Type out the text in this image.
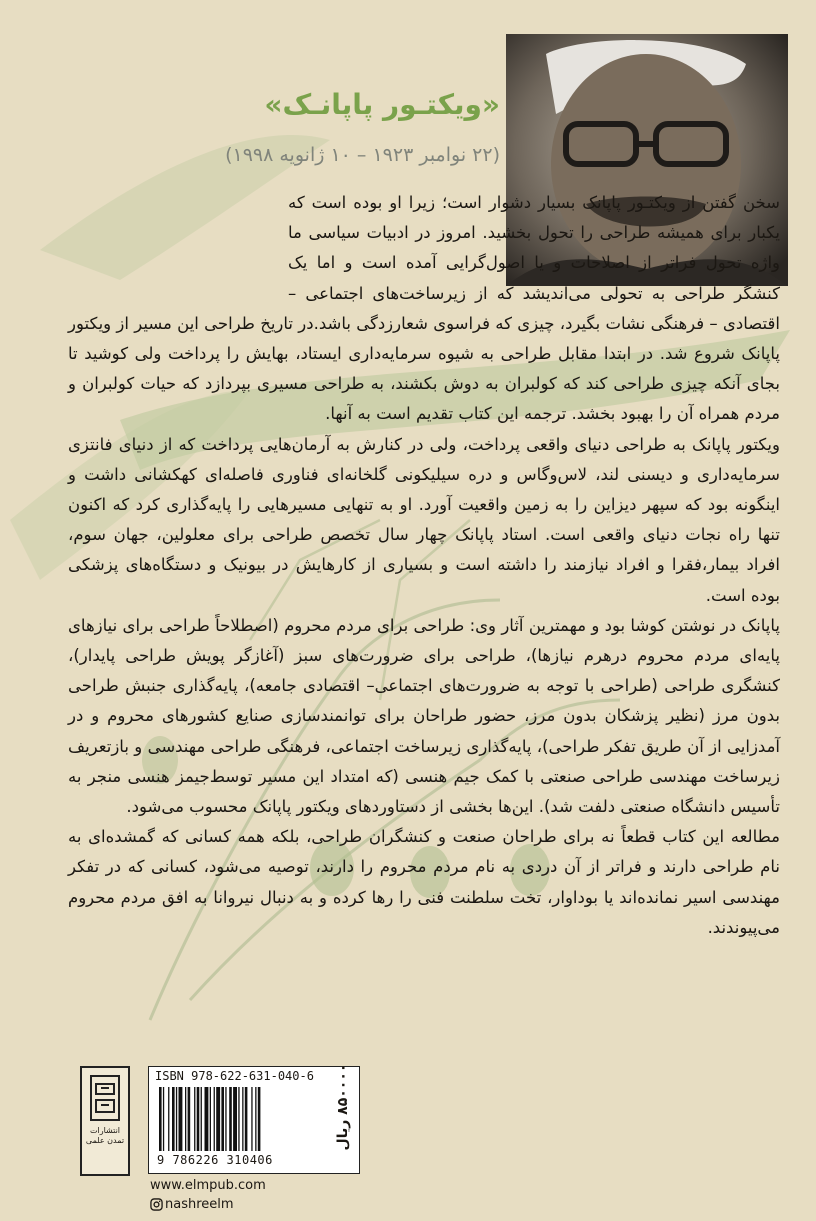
«ویکتـور پاپانـک»
(۲۲ نوامبر ۱۹۲۳ – ۱۰ ژانویه ۱۹۹۸)

سخن گفتن از ویکتـور پاپانک بسیار دشوار است؛ زیرا او بوده است که یکبار برای همیشه طراحی را تحول بخشید. امروز در ادبیات سیاسی ما واژه تحول فراتر از اصلاحات و یا اصول‌گرایی آمده است و اما یک کنشگر طراحی به تحولی می‌اندیشد که از زیرساخت‌های اجتماعی – اقتصادی – فرهنگی نشات بگیرد، چیزی که فراسوی شعارزدگی باشد.در تاریخ طراحی این مسیر از ویکتور پاپانک شروع شد. در ابتدا مقابل طراحی به شیوه سرمایه‌داری ایستاد، بهایش را پرداخت ولی کوشید تا بجای آنکه چیزی طراحی کند که کولبران به دوش بکشند، به طراحی مسیری بپردازد که حیات کولبران و مردم همراه آن را بهبود بخشد. ترجمه این کتاب تقدیم است به آنها.

ویکتور پاپانک به طراحی دنیای واقعی پرداخت، ولی در کنارش به آرمان‌هایی پرداخت که از دنیای فانتزی سرمایه‌داری و دیسنی لند، لاس‌وگاس و دره سیلیکونی گلخانه‌ای فناوری فاصله‌ای کهکشانی داشت و اینگونه بود که سپهر دیزاین را به زمین واقعیت آورد. او به تنهایی مسیرهایی را پایه‌گذاری کرد که اکنون تنها راه نجات دنیای واقعی است. استاد پاپانک چهار سال تخصص طراحی برای معلولین، جهان سوم، افراد بیمار،فقرا و افراد نیازمند را داشته است و بسیاری از کارهایش در بیونیک و دستگاه‌های پزشکی بوده است.

پاپانک در نوشتن کوشا بود و مهمترین آثار وی: طراحی برای مردم محروم (اصطلاحاً طراحی برای نیازهای پایه‌ای مردم محروم درهرم نیازها)، طراحی برای ضرورت‌های سبز (آغازگر پویش طراحی پایدار)، کنشگری طراحی (طراحی با توجه به ضرورت‌های اجتماعی– اقتصادی جامعه)، پایه‌گذاری جنبش طراحی بدون مرز (نظیر پزشکان بدون مرز، حضور طراحان برای توانمندسازی صنایع کشورهای محروم و در آمدزایی از آن طریق تفکر طراحی)، پایه‌گذاری زیرساخت اجتماعی، فرهنگی طراحی مهندسی و بازتعریف زیرساخت مهندسی طراحی صنعتی با کمک جیم هنسی (که امتداد این مسیر توسط‌جیمز هنسی منجر به تأسیس دانشگاه صنعتی دلفت شد). این‌ها بخشی از دستاوردهای ویکتور پاپانک محسوب می‌شود.

مطالعه این کتاب قطعاً نه برای طراحان صنعت و کنشگران طراحی، بلکه همه کسانی که گمشده‌ای به نام طراحی دارند و فراتر از آن دردی به نام مردم محروم را دارند، توصیه می‌شود، کسانی که در تفکر مهندسی اسیر نمانده‌اند یا بوداوار، تخت سلطنت فنی را رها کرده و به دنبال نیروانا به افق مردم محروم می‌پیوندند.

انتشارات تمدن علمی
ISBN 978-622-631-040-6
9 786226 310406
۸۵۰۰۰۰ ریال
www.elmpub.com
nashreelm
